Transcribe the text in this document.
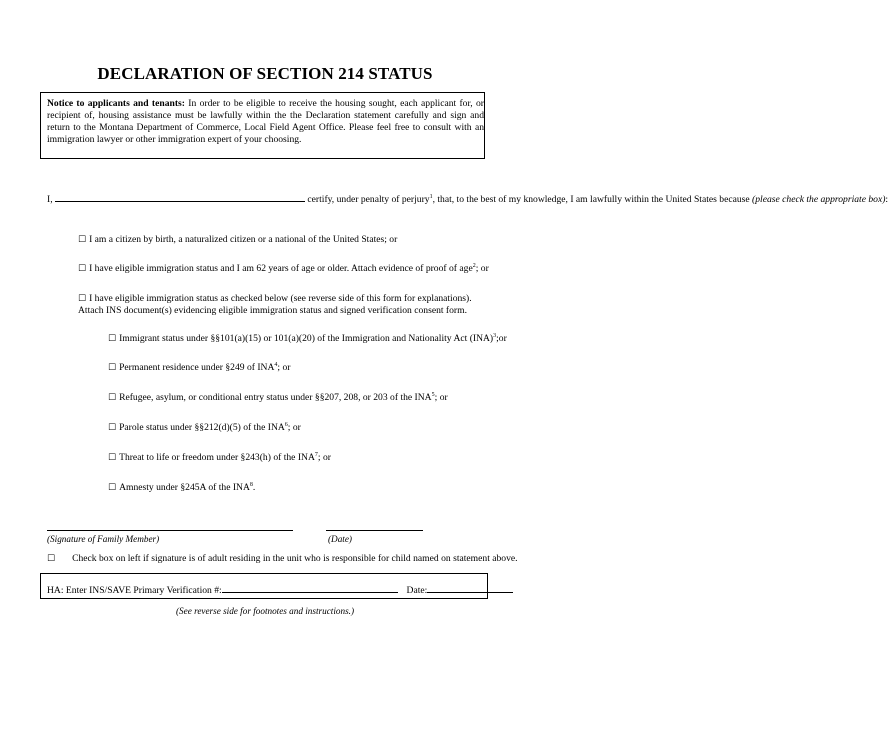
DECLARATION OF SECTION 214 STATUS
Notice to applicants and tenants: In order to be eligible to receive the housing sought, each applicant for, or recipient of, housing assistance must be lawfully within the the Declaration statement carefully and sign and return to the Montana Department of Commerce, Local Field Agent Office. Please feel free to consult with an immigration lawyer or other immigration expert of your choosing.
I,	certify, under penalty of perjury$^1$, that, to the best of my knowledge, I am lawfully within the United States because (please check the appropriate box):
☐ I am a citizen by birth, a naturalized citizen or a national of the United States; or
☐ I have eligible immigration status and I am 62 years of age or older. Attach evidence of proof of age$^2$; or
☐ I have eligible immigration status as checked below (see reverse side of this form for explanations). Attach INS document(s) evidencing eligible immigration status and signed verification consent form.
☐ Immigrant status under §§101(a)(15) or 101(a)(20) of the Immigration and Nationality Act (INA)$^3$;or
☐ Permanent residence under §249 of INA$^4$; or
☐ Refugee, asylum, or conditional entry status under §§207, 208, or 203 of the INA$^5$; or
☐ Parole status under §§212(d)(5) of the INA$^6$; or
☐ Threat to life or freedom under §243(h) of the INA$^7$; or
☐ Amnesty under §245A of the INA$^8$.
(Signature of Family Member)	(Date)
☐ Check box on left if signature is of adult residing in the unit who is responsible for child named on statement above.
HA: Enter INS/SAVE Primary Verification #:	Date:
(See reverse side for footnotes and instructions.)
